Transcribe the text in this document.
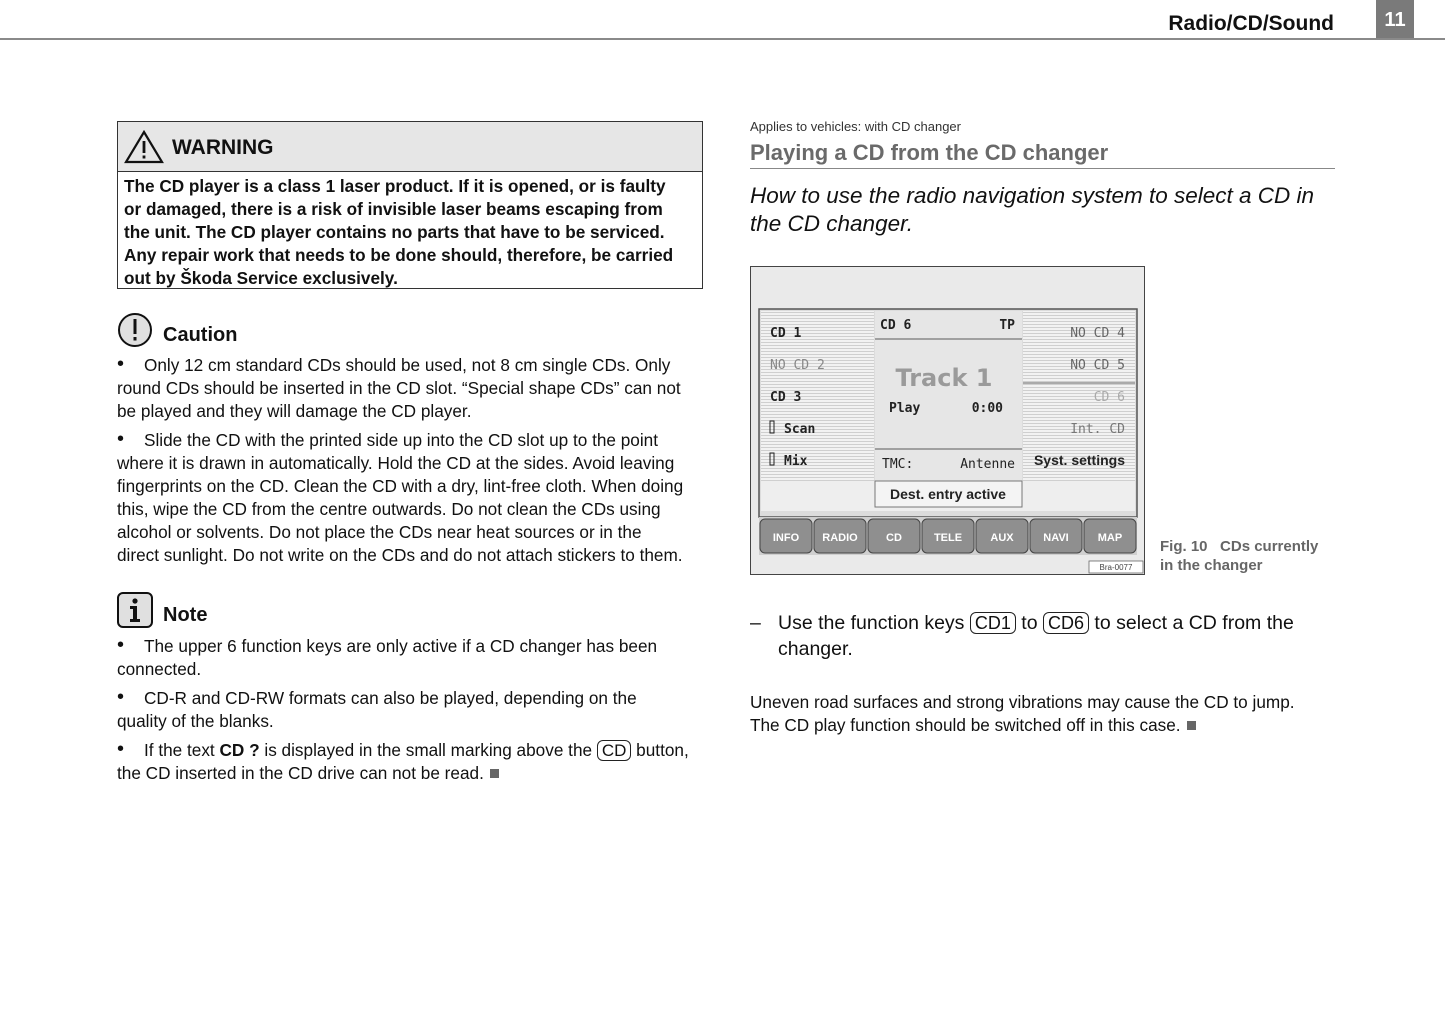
Radio/CD/Sound	11
WARNING
The CD player is a class 1 laser product. If it is opened, or is faulty
or damaged, there is a risk of invisible laser beams escaping from
the unit. The CD player contains no parts that have to be serviced.
Any repair work that needs to be done should, therefore, be carried
out by Škoda Service exclusively.
Caution
• Only 12 cm standard CDs should be used, not 8 cm single CDs. Only
round CDs should be inserted in the CD slot. “Special shape CDs” can not
be played and they will damage the CD player.
• Slide the CD with the printed side up into the CD slot up to the point
where it is drawn in automatically. Hold the CD at the sides. Avoid leaving
fingerprints on the CD. Clean the CD with a dry, lint-free cloth. When doing
this, wipe the CD from the centre outwards. Do not clean the CDs using
alcohol or solvents. Do not place the CDs near heat sources or in the
direct sunlight. Do not write on the CDs and do not attach stickers to them.
Note
• The upper 6 function keys are only active if a CD changer has been
connected.
• CD-R and CD-RW formats can also be played, depending on the
quality of the blanks.
• If the text CD ? is displayed in the small marking above the CD button,
the CD inserted in the CD drive can not be read.
Applies to vehicles: with CD changer
Playing a CD from the CD changer
How to use the radio navigation system to select a CD in
the CD changer.
CD 1
NO CD 2
CD 3
Scan
Mix
NO CD 4
NO CD 5
CD 6
Int. CD
Syst. settings
CD 6	TP
Track 1
Play	0:00
TMC:	Antenne
Dest. entry active
INFO RADIO	CD	TELE	AUX	NAVI	MAP
Bra-0077
Fig. 10 CDs currently
in the changer
– Use the function keys CD1 to CD6 to select a CD from the
changer.
Uneven road surfaces and strong vibrations may cause the CD to jump.
The CD play function should be switched off in this case.
